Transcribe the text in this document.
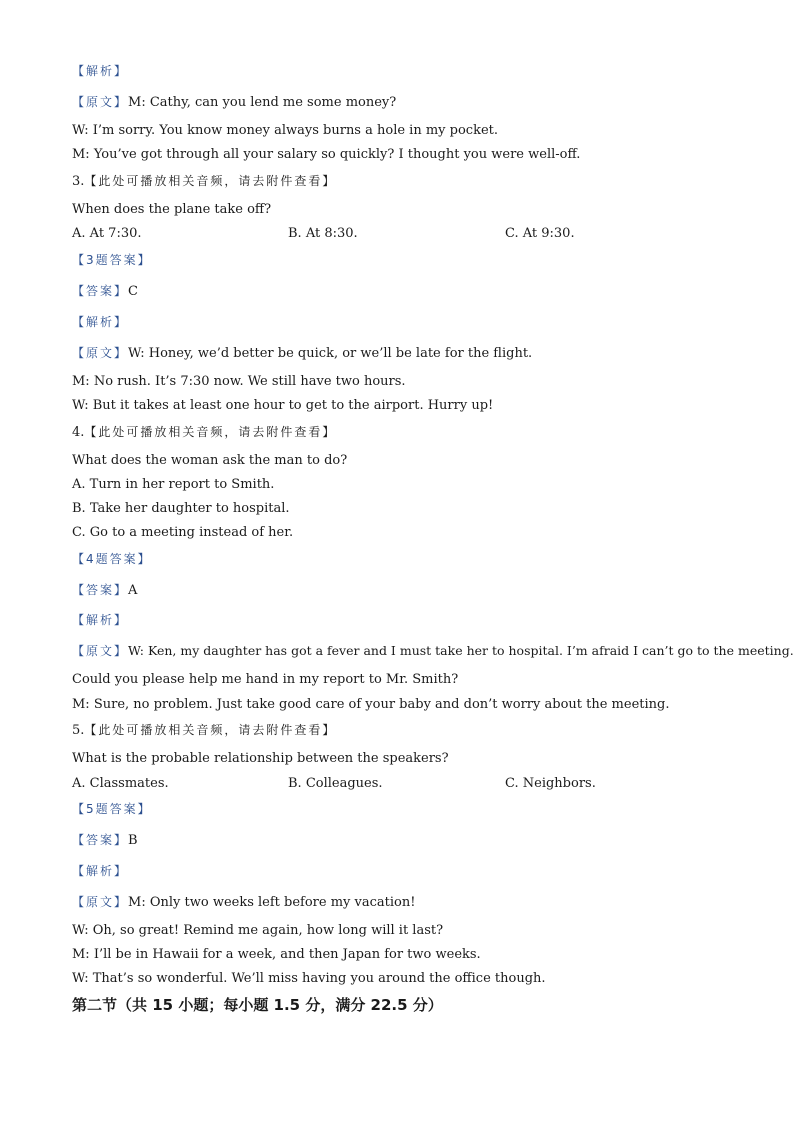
【解析】
【原文】M: Cathy, can you lend me some money?
W: I’m sorry. You know money always burns a hole in my pocket.
M: You’ve got through all your salary so quickly? I thought you were well-off.
3.【此处可播放相关音频，请去附件查看】
When does the plane take off?
A. At 7:30.	B. At 8:30.	C. At 9:30.
【3题答案】
【答案】C
【解析】
【原文】W: Honey, we’d better be quick, or we’ll be late for the flight.
M: No rush. It’s 7:30 now. We still have two hours.
W: But it takes at least one hour to get to the airport. Hurry up!
4.【此处可播放相关音频，请去附件查看】
What does the woman ask the man to do?
A. Turn in her report to Smith.
B. Take her daughter to hospital.
C. Go to a meeting instead of her.
【4题答案】
【答案】A
【解析】
【原文】W: Ken, my daughter has got a fever and I must take her to hospital. I’m afraid I can’t go to the meeting.
Could you please help me hand in my report to Mr. Smith?
M: Sure, no problem. Just take good care of your baby and don’t worry about the meeting.
5.【此处可播放相关音频，请去附件查看】
What is the probable relationship between the speakers?
A. Classmates.	B. Colleagues.	C. Neighbors.
【5题答案】
【答案】B
【解析】
【原文】M: Only two weeks left before my vacation!
W: Oh, so great! Remind me again, how long will it last?
M: I’ll be in Hawaii for a week, and then Japan for two weeks.
W: That’s so wonderful. We’ll miss having you around the office though.
第二节（共 15 小题；每小题 1.5 分，满分 22.5 分）
